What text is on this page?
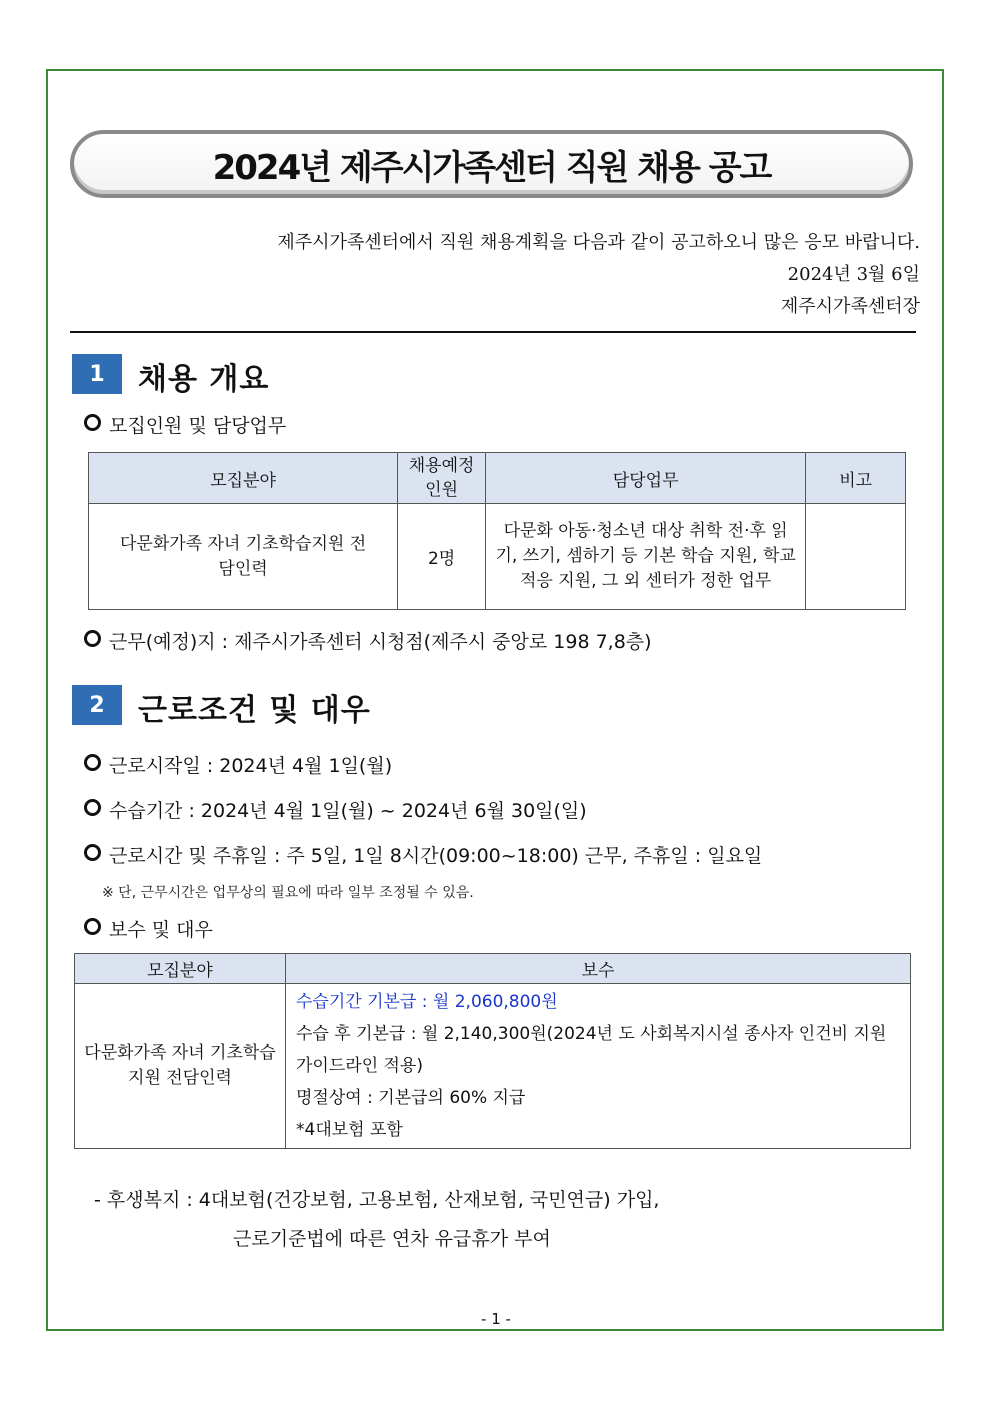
2024년 제주시가족센터 직원 채용 공고
제주시가족센터에서 직원 채용계획을 다음과 같이 공고하오니 많은 응모 바랍니다.
2024년 3월 6일
제주시가족센터장
1	채용 개요
모집인원 및 담당업무
모집분야	채용예정 인원	담당업무	비고
다문화가족 자녀 기초학습지원 전담인력	2명	다문화 아동·청소년 대상 취학 전·후 읽기, 쓰기, 셈하기 등 기본 학습 지원, 학교 적응 지원, 그 외 센터가 정한 업무	
근무(예정)지 : 제주시가족센터 시청점(제주시 중앙로 198 7,8층)
2	근로조건 및 대우
근로시작일 : 2024년 4월 1일(월)
수습기간 : 2024년 4월 1일(월) ~ 2024년 6월 30일(일)
근로시간 및 주휴일 : 주 5일, 1일 8시간(09:00~18:00) 근무, 주휴일 : 일요일
※ 단, 근무시간은 업무상의 필요에 따라 일부 조정될 수 있음.
보수 및 대우
모집분야	보수
다문화가족 자녀 기초학습지원 전담인력	수습기간 기본급 : 월 2,060,800원
수습 후 기본급 : 월 2,140,300원(2024년 도 사회복지시설 종사자 인건비 지원 가이드라인 적용)
명절상여 : 기본급의 60% 지급
*4대보험 포함
- 후생복지 : 4대보험(건강보험, 고용보험, 산재보험, 국민연금) 가입,
근로기준법에 따른 연차 유급휴가 부여
- 1 -
